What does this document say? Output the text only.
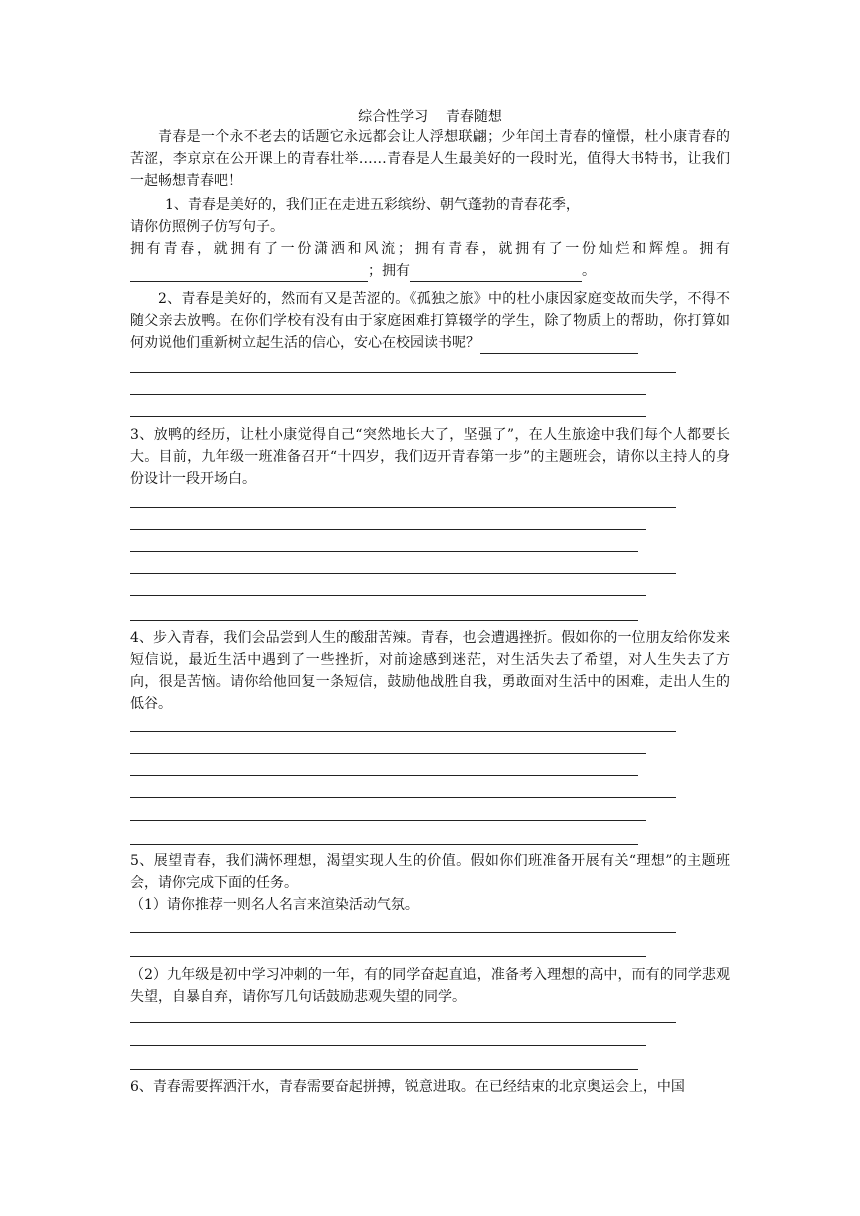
综合性学习    青春随想
青春是一个永不老去的话题它永远都会让人浮想联翩；少年闰土青春的憧憬，杜小康青春的苦涩，李京京在公开课上的青春壮举……青春是人生最美好的一段时光，值得大书特书，让我们一起畅想青春吧！
1、青春是美好的，我们正在走进五彩缤纷、朝气蓬勃的青春花季，
请你仿照例子仿写句子。
拥有青春，就拥有了一份潇洒和风流；拥有青春，就拥有了一份灿烂和辉煌。拥有；拥有	。
2、青春是美好的，然而有又是苦涩的。《孤独之旅》中的杜小康因家庭变故而失学，不得不随父亲去放鸭。在你们学校有没有由于家庭困难打算辍学的学生，除了物质上的帮助，你打算如何劝说他们重新树立起生活的信心，安心在校园读书呢？
3、放鸭的经历，让杜小康觉得自己“突然地长大了，坚强了”，在人生旅途中我们每个人都要长大。目前，九年级一班准备召开“十四岁，我们迈开青春第一步”的主题班会，请你以主持人的身份设计一段开场白。
4、步入青春，我们会品尝到人生的酸甜苦辣。青春，也会遭遇挫折。假如你的一位朋友给你发来短信说，最近生活中遇到了一些挫折，对前途感到迷茫，对生活失去了希望，对人生失去了方向，很是苦恼。请你给他回复一条短信，鼓励他战胜自我，勇敢面对生活中的困难，走出人生的低谷。
5、展望青春，我们满怀理想，渴望实现人生的价值。假如你们班准备开展有关“理想”的主题班会，请你完成下面的任务。
（1）请你推荐一则名人名言来渲染活动气氛。
（2）九年级是初中学习冲刺的一年，有的同学奋起直追，准备考入理想的高中，而有的同学悲观失望，自暴自弃，请你写几句话鼓励悲观失望的同学。
6、青春需要挥洒汗水，青春需要奋起拼搏，锐意进取。在已经结束的北京奥运会上，中国
